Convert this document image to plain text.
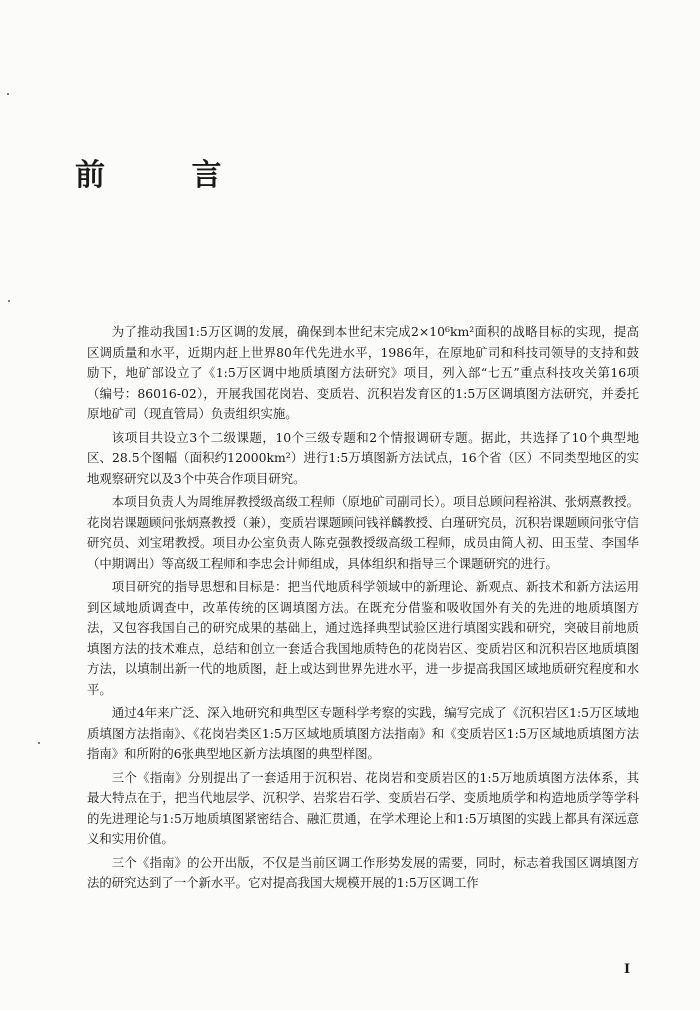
前 言

为了推动我国1:5万区调的发展，确保到本世纪末完成2×10⁶km²面积的战略目标的实现，提高区调质量和水平，近期内赶上世界80年代先进水平，1986年，在原地矿司和科技司领导的支持和鼓励下，地矿部设立了《1:5万区调中地质填图方法研究》项目，列入部“七五”重点科技攻关第16项（编号：86016-02），开展我国花岗岩、变质岩、沉积岩发育区的1:5万区调填图方法研究，并委托原地矿司（现直管局）负责组织实施。

该项目共设立3个二级课题，10个三级专题和2个情报调研专题。据此，共选择了10个典型地区、28.5个图幅（面积约12000km²）进行1:5万填图新方法试点，16个省（区）不同类型地区的实地观察研究以及3个中英合作项目研究。

本项目负责人为周维屏教授级高级工程师（原地矿司副司长）。项目总顾问程裕淇、张炳熹教授。花岗岩课题顾问张炳熹教授（兼），变质岩课题顾问钱祥麟教授、白瑾研究员，沉积岩课题顾问张守信研究员、刘宝珺教授。项目办公室负责人陈克强教授级高级工程师，成员由简人初、田玉莹、李国华（中期调出）等高级工程师和李忠会计师组成，具体组织和指导三个课题研究的进行。

项目研究的指导思想和目标是：把当代地质科学领域中的新理论、新观点、新技术和新方法运用到区域地质调查中，改革传统的区调填图方法。在既充分借鉴和吸收国外有关的先进的地质填图方法，又包容我国自己的研究成果的基础上，通过选择典型试验区进行填图实践和研究，突破目前地质填图方法的技术难点，总结和创立一套适合我国地质特色的花岗岩区、变质岩区和沉积岩区地质填图方法，以填制出新一代的地质图，赶上或达到世界先进水平，进一步提高我国区域地质研究程度和水平。

通过4年来广泛、深入地研究和典型区专题科学考察的实践，编写完成了《沉积岩区1:5万区域地质填图方法指南》、《花岗岩类区1:5万区域地质填图方法指南》和《变质岩区1:5万区域地质填图方法指南》和所附的6张典型地区新方法填图的典型样图。

三个《指南》分别提出了一套适用于沉积岩、花岗岩和变质岩区的1:5万地质填图方法体系，其最大特点在于，把当代地层学、沉积学、岩浆岩石学、变质岩石学、变质地质学和构造地质学等学科的先进理论与1:5万地质填图紧密结合、融汇贯通，在学术理论上和1:5万填图的实践上都具有深远意义和实用价值。

三个《指南》的公开出版，不仅是当前区调工作形势发展的需要，同时，标志着我国区调填图方法的研究达到了一个新水平。它对提高我国大规模开展的1:5万区调工作

I
